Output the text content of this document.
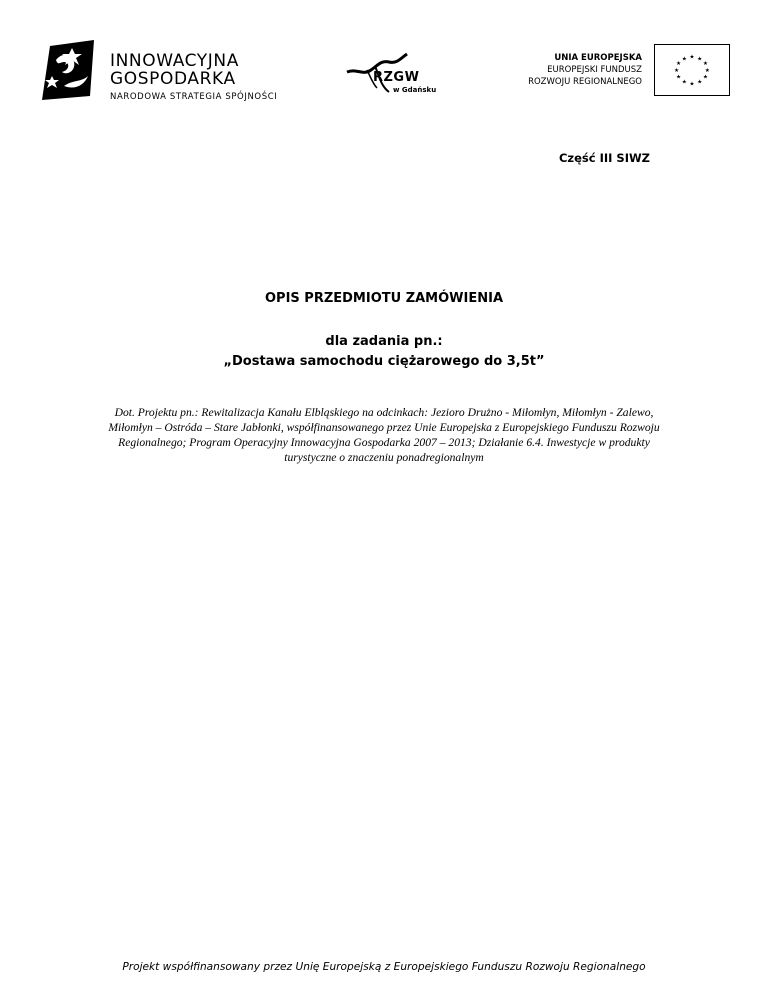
INNOWACYJNA
GOSPODARKA
NARODOWA STRATEGIA SPÓJNOŚCI
RZGW
w Gdańsku
UNIA EUROPEJSKA
EUROPEJSKI FUNDUSZ
ROZWOJU REGIONALNEGO
★ ★
★
★
★
★
★
★
★
★
★
★
Część III SIWZ
OPIS PRZEDMIOTU ZAMÓWIENIA
dla zadania pn.:
„Dostawa samochodu ciężarowego do 3,5t”
Dot. Projektu pn.: Rewitalizacja Kanału Elbląskiego na odcinkach: Jezioro Drużno - Miłomłyn, Miłomłyn - Zalewo, Miłomłyn – Ostróda – Stare Jabłonki, współfinansowanego przez Unie Europejska z Europejskiego Funduszu Rozwoju Regionalnego; Program Operacyjny Innowacyjna Gospodarka 2007 – 2013; Działanie 6.4. Inwestycje w produkty turystyczne o znaczeniu ponadregionalnym
Projekt współfinansowany przez Unię Europejską z Europejskiego Funduszu Rozwoju Regionalnego
